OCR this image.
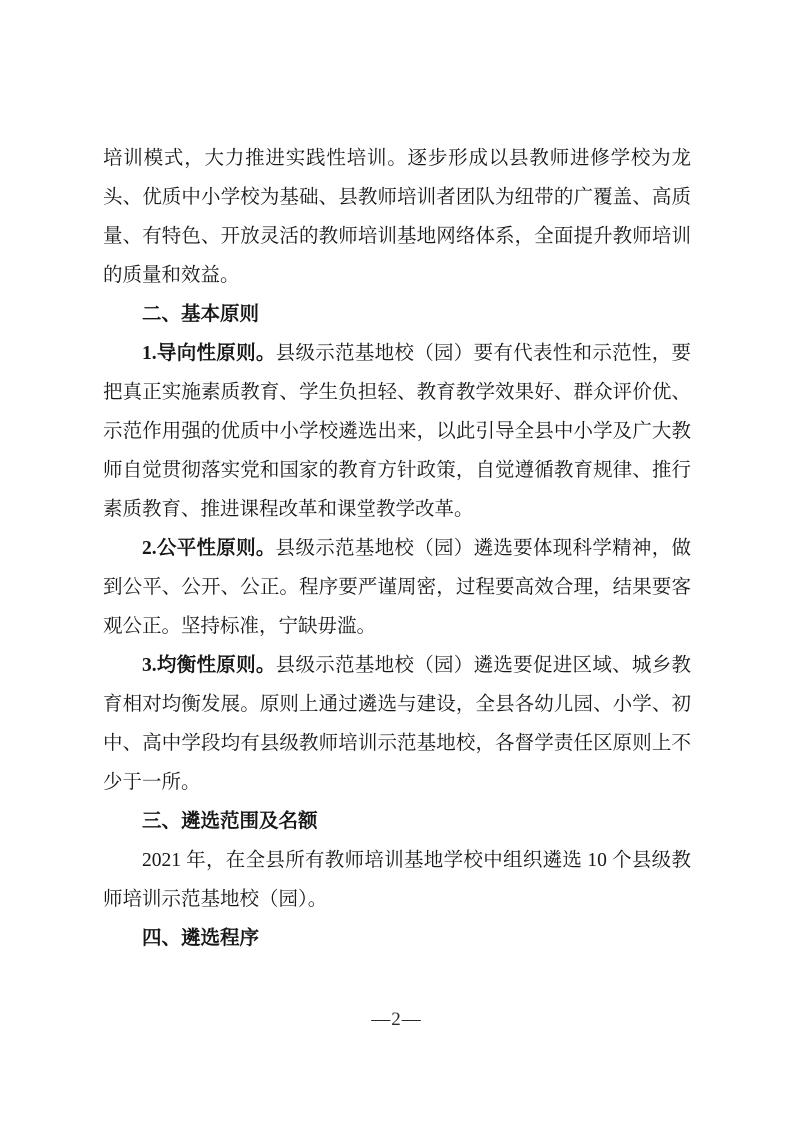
培训模式，大力推进实践性培训。逐步形成以县教师进修学校为龙头、优质中小学校为基础、县教师培训者团队为纽带的广覆盖、高质量、有特色、开放灵活的教师培训基地网络体系，全面提升教师培训的质量和效益。

二、基本原则

1.导向性原则。县级示范基地校（园）要有代表性和示范性，要把真正实施素质教育、学生负担轻、教育教学效果好、群众评价优、示范作用强的优质中小学校遴选出来，以此引导全县中小学及广大教师自觉贯彻落实党和国家的教育方针政策，自觉遵循教育规律、推行素质教育、推进课程改革和课堂教学改革。

2.公平性原则。县级示范基地校（园）遴选要体现科学精神，做到公平、公开、公正。程序要严谨周密，过程要高效合理，结果要客观公正。坚持标准，宁缺毋滥。

3.均衡性原则。县级示范基地校（园）遴选要促进区域、城乡教育相对均衡发展。原则上通过遴选与建设，全县各幼儿园、小学、初中、高中学段均有县级教师培训示范基地校，各督学责任区原则上不少于一所。

三、遴选范围及名额

2021 年，在全县所有教师培训基地学校中组织遴选 10 个县级教师培训示范基地校（园）。

四、遴选程序
—2—
